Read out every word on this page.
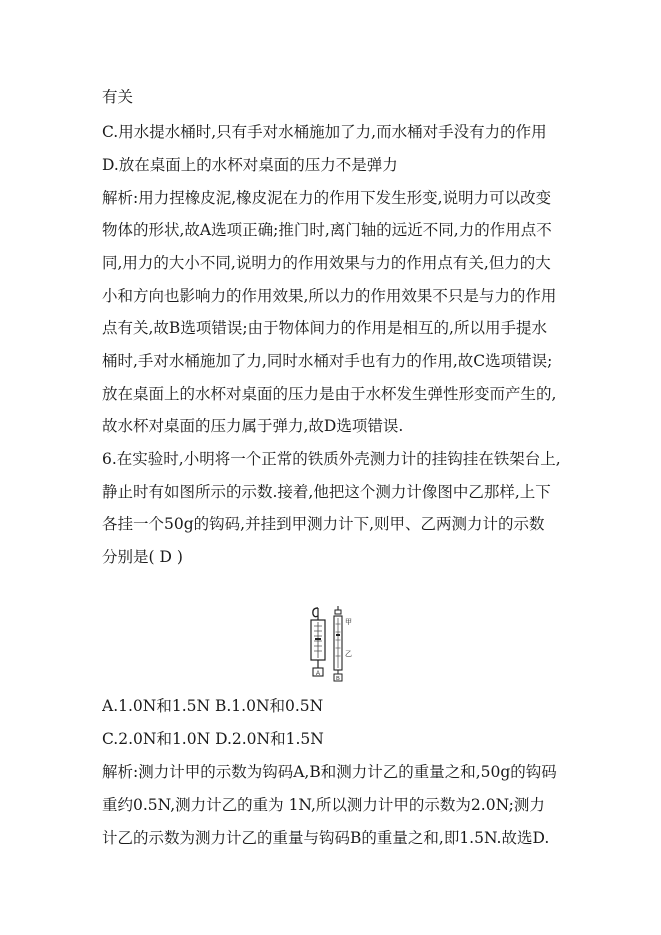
有关
C.用水提水桶时,只有手对水桶施加了力,而水桶对手没有力的作用
D.放在桌面上的水杯对桌面的压力不是弹力
解析:用力捏橡皮泥,橡皮泥在力的作用下发生形变,说明力可以改变
物体的形状,故A选项正确;推门时,离门轴的远近不同,力的作用点不
同,用力的大小不同,说明力的作用效果与力的作用点有关,但力的大
小和方向也影响力的作用效果,所以力的作用效果不只是与力的作用
点有关,故B选项错误;由于物体间力的作用是相互的,所以用手提水
桶时,手对水桶施加了力,同时水桶对手也有力的作用,故C选项错误;
放在桌面上的水杯对桌面的压力是由于水杯发生弹性形变而产生的,
故水杯对桌面的压力属于弹力,故D选项错误.
6.在实验时,小明将一个正常的铁质外壳测力计的挂钩挂在铁架台上,
静止时有如图所示的示数.接着,他把这个测力计像图中乙那样,上下
各挂一个50g的钩码,并挂到甲测力计下,则甲、乙两测力计的示数
分别是( D )
A
B
甲
乙
A.1.0N和1.5N B.1.0N和0.5N
C.2.0N和1.0N D.2.0N和1.5N
解析:测力计甲的示数为钩码A,B和测力计乙的重量之和,50g的钩码
重约0.5N,测力计乙的重为 1N,所以测力计甲的示数为2.0N;测力
计乙的示数为测力计乙的重量与钩码B的重量之和,即1.5N.故选D.
